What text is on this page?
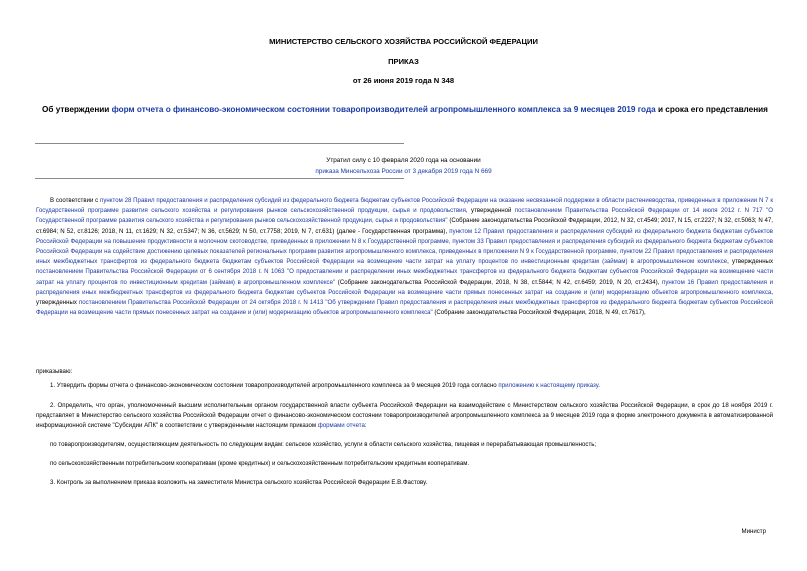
МИНИСТЕРСТВО СЕЛЬСКОГО ХОЗЯЙСТВА РОССИЙСКОЙ ФЕДЕРАЦИИ
ПРИКАЗ
от 26 июня 2019 года N 348
Об утверждении форм отчета о финансово-экономическом состоянии товаропроизводителей агропромышленного комплекса за 9 месяцев 2019 года и срока его представления
Утратил силу с 10 февраля 2020 года на основании
приказа Минсельхоза России от 3 декабря 2019 года N 669
В соответствии с пунктом 28 Правил предоставления и распределения субсидий из федерального бюджета бюджетам субъектов Российской Федерации на оказание несвязанной поддержки в области растениеводства, приведенных в приложении N 7 к Государственной программе развития сельского хозяйства и регулирования рынков сельскохозяйственной продукции, сырья и продовольствия, утвержденной постановлением Правительства Российской Федерации от 14 июля 2012 г. N 717 "О Государственной программе развития сельского хозяйства и регулирования рынков сельскохозяйственной продукции, сырья и продовольствия" (Собрание законодательства Российской Федерации, 2012, N 32, ст.4549; 2017, N 15, ст.2227; N 32, ст.5063; N 47, ст.6984; N 52, ст.8126; 2018, N 11, ст.1629; N 32, ст.5347; N 36, ст.5629; N 50, ст.7758; 2019, N 7, ст.631) (далее - Государственная программа), пунктом 12 Правил предоставления и распределения субсидий из федерального бюджета бюджетам субъектов Российской Федерации на повышение продуктивности в молочном скотоводстве, приведенных в приложении N 8 к Государственной программе, пунктом 33 Правил предоставления и распределения субсидий из федерального бюджета бюджетам субъектов Российской Федерации на содействие достижению целевых показателей региональных программ развития агропромышленного комплекса, приведенных в приложении N 9 к Государственной программе, пунктом 22 Правил предоставления и распределения иных межбюджетных трансфертов из федерального бюджета бюджетам субъектов Российской Федерации на возмещение части затрат на уплату процентов по инвестиционным кредитам (займам) в агропромышленном комплексе, утвержденных постановлением Правительства Российской Федерации от 6 сентября 2018 г. N 1063 "О предоставлении и распределении иных межбюджетных трансфертов из федерального бюджета бюджетам субъектов Российской Федерации на возмещение части затрат на уплату процентов по инвестиционным кредитам (займам) в агропромышленном комплексе" (Собрание законодательства Российской Федерации, 2018, N 38, ст.5844; N 42, ст.6459; 2019, N 20, ст.2434), пунктом 16 Правил предоставления и распределения иных межбюджетных трансфертов из федерального бюджета бюджетам субъектов Российской Федерации на возмещение части прямых понесенных затрат на создание и (или) модернизацию объектов агропромышленного комплекса, утвержденных постановлением Правительства Российской Федерации от 24 октября 2018 г. N 1413 "Об утверждении Правил предоставления и распределения иных межбюджетных трансфертов из федерального бюджета бюджетам субъектов Российской Федерации на возмещение части прямых понесенных затрат на создание и (или) модернизацию объектов агропромышленного комплекса" (Собрание законодательства Российской Федерации, 2018, N 49, ст.7617),
приказываю:
1. Утвердить формы отчета о финансово-экономическом состоянии товаропроизводителей агропромышленного комплекса за 9 месяцев 2019 года согласно приложению к настоящему приказу.
2. Определить, что орган, уполномоченный высшим исполнительным органом государственной власти субъекта Российской Федерации на взаимодействие с Министерством сельского хозяйства Российской Федерации, в срок до 18 ноября 2019 г. представляет в Министерство сельского хозяйства Российской Федерации отчет о финансово-экономическом состоянии товаропроизводителей агропромышленного комплекса за 9 месяцев 2019 года в форме электронного документа в автоматизированной информационной системе "Субсидии АПК" в соответствии с утвержденными настоящим приказом формами отчета:
по товаропроизводителям, осуществляющим деятельность по следующим видам: сельское хозяйство, услуги в области сельского хозяйства, пищевая и перерабатывающая промышленность;
по сельскохозяйственным потребительским кооперативам (кроме кредитных) и сельскохозяйственным потребительским кредитным кооперативам.
3. Контроль за выполнением приказа возложить на заместителя Министра сельского хозяйства Российской Федерации Е.В.Фастову.
Министр
